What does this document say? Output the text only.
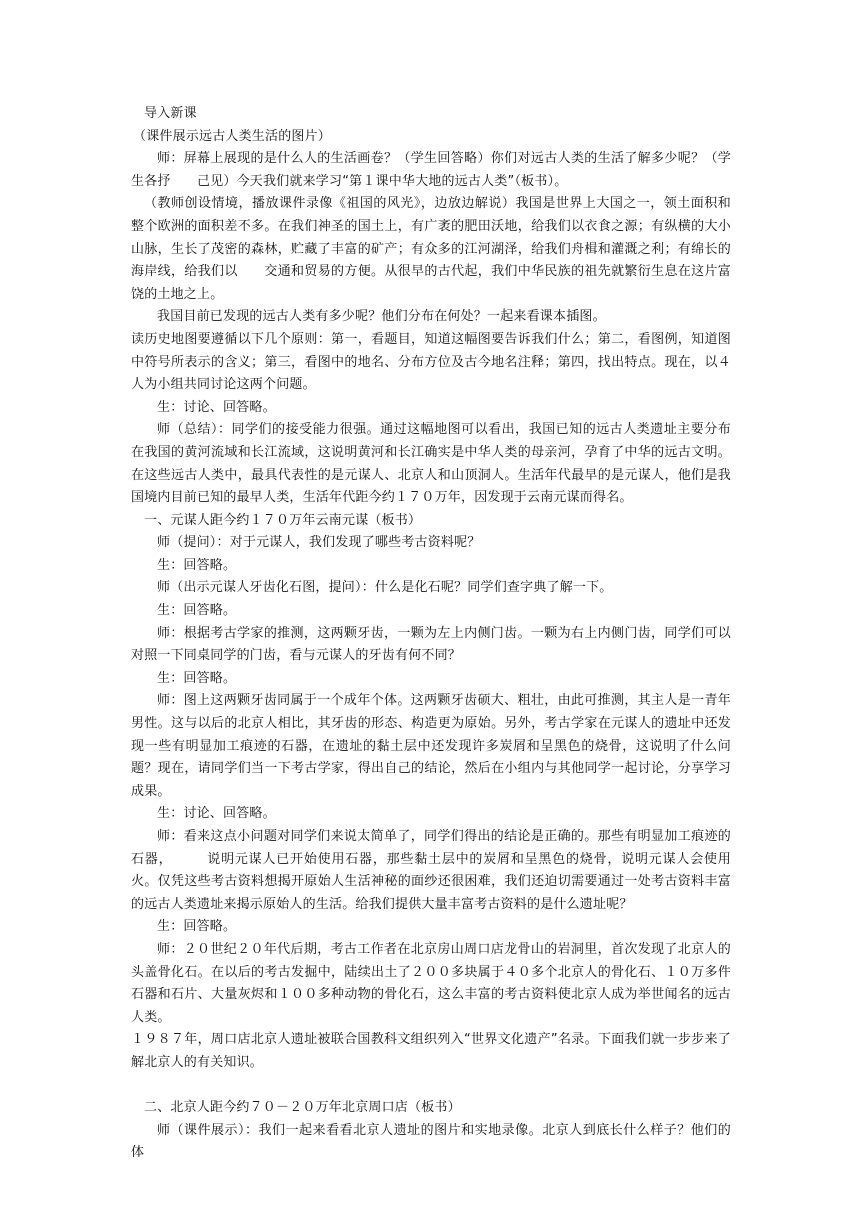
导入新课

（课件展示远古人类生活的图片）

师：屏幕上展现的是什么人的生活画卷？（学生回答略）你们对远古人类的生活了解多少呢？（学生各抒　　己见）今天我们就来学习“第１课中华大地的远古人类”（板书）。

（教师创设情境，播放课件录像《祖国的风光》，边放边解说）我国是世界上大国之一，领土面积和整个欧洲的面积差不多。在我们神圣的国土上，有广袤的肥田沃地，给我们以衣食之源；有纵横的大小山脉，生长了茂密的森林，贮藏了丰富的矿产；有众多的江河湖泽，给我们舟楫和灌溉之利；有绵长的海岸线，给我们以　　交通和贸易的方便。从很早的古代起，我们中华民族的祖先就繁衍生息在这片富饶的土地之上。

我国目前已发现的远古人类有多少呢？他们分布在何处？一起来看课本插图。

读历史地图要遵循以下几个原则：第一，看题目，知道这幅图要告诉我们什么；第二，看图例，知道图中符号所表示的含义；第三，看图中的地名、分布方位及古今地名注释；第四，找出特点。现在，以４人为小组共同讨论这两个问题。

生：讨论、回答略。

师（总结）：同学们的接受能力很强。通过这幅地图可以看出，我国已知的远古人类遗址主要分布在我国的黄河流域和长江流域，这说明黄河和长江确实是中华人类的母亲河，孕育了中华的远古文明。在这些远古人类中，最具代表性的是元谋人、北京人和山顶洞人。生活年代最早的是元谋人，他们是我国境内目前已知的最早人类，生活年代距今约１７０万年，因发现于云南元谋而得名。

一、元谋人距今约１７０万年云南元谋（板书）

师（提问）：对于元谋人，我们发现了哪些考古资料呢？

生：回答略。

师（出示元谋人牙齿化石图，提问）：什么是化石呢？同学们查字典了解一下。

生：回答略。

师：根据考古学家的推测，这两颗牙齿，一颗为左上内侧门齿。一颗为右上内侧门齿，同学们可以对照一下同桌同学的门齿，看与元谋人的牙齿有何不同？

生：回答略。

师：图上这两颗牙齿同属于一个成年个体。这两颗牙齿硕大、粗壮，由此可推测，其主人是一青年男性。这与以后的北京人相比，其牙齿的形态、构造更为原始。另外，考古学家在元谋人的遗址中还发现一些有明显加工痕迹的石器，在遗址的黏土层中还发现许多炭屑和呈黑色的烧骨，这说明了什么问题？现在，请同学们当一下考古学家，得出自己的结论，然后在小组内与其他同学一起讨论，分享学习成果。

生：讨论、回答略。

师：看来这点小问题对同学们来说太简单了，同学们得出的结论是正确的。那些有明显加工痕迹的石器，　　　说明元谋人已开始使用石器，那些黏土层中的炭屑和呈黑色的烧骨，说明元谋人会使用火。仅凭这些考古资料想揭开原始人生活神秘的面纱还很困难，我们还迫切需要通过一处考古资料丰富的远古人类遗址来揭示原始人的生活。给我们提供大量丰富考古资料的是什么遗址呢？

生：回答略。

师：２０世纪２０年代后期，考古工作者在北京房山周口店龙骨山的岩洞里，首次发现了北京人的头盖骨化石。在以后的考古发掘中，陆续出土了２００多块属于４０多个北京人的骨化石、１０万多件石器和石片、大量灰烬和１００多种动物的骨化石，这么丰富的考古资料使北京人成为举世闻名的远古人类。

１９８７年，周口店北京人遗址被联合国教科文组织列入“世界文化遗产”名录。下面我们就一步步来了解北京人的有关知识。

二、北京人距今约７０－２０万年北京周口店（板书）

师（课件展示）：我们一起来看看北京人遗址的图片和实地录像。北京人到底长什么样子？他们的体
